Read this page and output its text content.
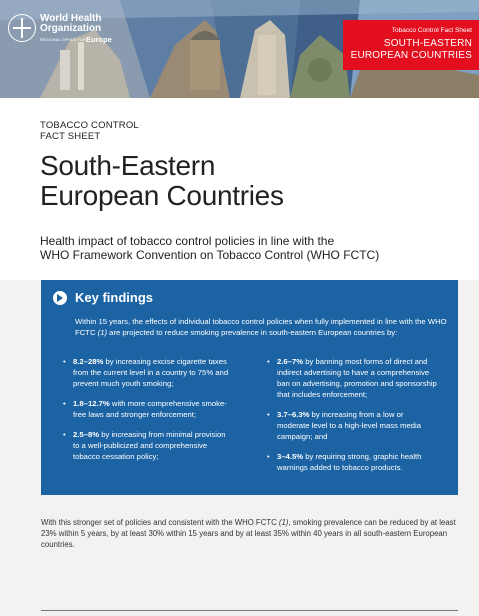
World Health
Organization
REGIONAL OFFICE FOR Europe
Tobacco Control Fact Sheet
SOUTH-EASTERN
EUROPEAN COUNTRIES
TOBACCO CONTROL
FACT SHEET
South-Eastern
European Countries
Health impact of tobacco control policies in line with the
WHO Framework Convention on Tobacco Control (WHO FCTC)
Key findings

Within 15 years, the effects of individual tobacco control policies when fully implemented in line with the WHO FCTC (1) are projected to reduce smoking prevalence in south-eastern European countries by:

• 8.2–28% by increasing excise cigarette taxes from the current level in a country to 75% and prevent much youth smoking;
• 1.8–12.7% with more comprehensive smoke-free laws and stronger enforcement;
• 2.5–8% by increasing from minimal provision to a well-publicized and comprehensive tobacco cessation policy;
• 2.6–7% by banning most forms of direct and indirect advertising to have a comprehensive ban on advertising, promotion and sponsorship that includes enforcement;
• 3.7–6.3% by increasing from a low or moderate level to a high-level mass media campaign; and
• 3–4.5% by requiring strong, graphic health warnings added to tobacco products.

With this stronger set of policies and consistent with the WHO FCTC (1), smoking prevalence can be reduced by at least 23% within 5 years, by at least 30% within 15 years and by at least 35% within 40 years in all south-eastern European countries.
